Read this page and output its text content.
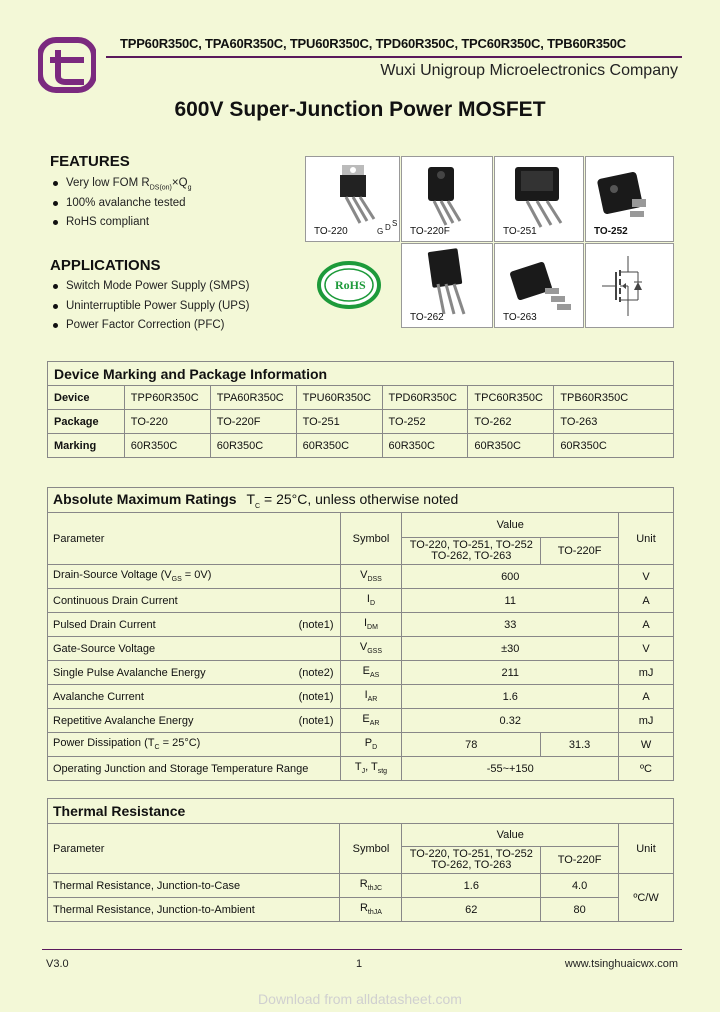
TPP60R350C, TPA60R350C, TPU60R350C, TPD60R350C, TPC60R350C, TPB60R350C
Wuxi Unigroup Microelectronics Company
600V Super-Junction Power MOSFET
FEATURES
Very low FOM $R_{DS(on)}\times Q_g$
100% avalanche tested
RoHS compliant
APPLICATIONS
Switch Mode Power Supply (SMPS)
Uninterruptible Power Supply (UPS)
Power Factor Correction (PFC)
TO-220	G D S
TO-220F	TO-251	TO-252
RoHS
TO-262	TO-263
Device Marking and Package Information						
Device	TPP60R350C	TPA60R350C	TPU60R350C	TPD60R350C	TPC60R350C	TPB60R350C
Package	TO-220	TO-220F	TO-251	TO-252	TO-262	TO-263
Marking	60R350C	60R350C	60R350C	60R350C	60R350C	60R350C
Absolute Maximum Ratings $T_C = 25^\circ C$, unless otherwise noted				
Parameter	Symbol	Value		Unit
		TO-220, TO-251, TO-252
TO-262, TO-263	TO-220F	
Drain-Source Voltage $(V_{GS} = 0V)$	$V_{DSS}$	600		V
Continuous Drain Current	$I_D$	11		A
Pulsed Drain Current (note1)	$I_{DM}$	33		A
Gate-Source Voltage	$V_{GSS}$	±30		V
Single Pulse Avalanche Energy (note2)	$E_{AS}$	211		mJ
Avalanche Current (note1)	$I_{AR}$	1.6		A
Repetitive Avalanche Energy (note1)	$E_{AR}$	0.32		mJ
Power Dissipation $(T_C = 25^\circ C)$	$P_D$	78	31.3	W
Operating Junction and Storage Temperature Range	$T_J$, $T_{stg}$	-55~+150		ºC
Thermal Resistance				
Parameter	Symbol	Value		Unit
		TO-220, TO-251, TO-252
TO-262, TO-263	TO-220F	
Thermal Resistance, Junction-to-Case	$R_{thJC}$	1.6	4.0	ºC/W
Thermal Resistance, Junction-to-Ambient	$R_{thJA}$	62	80	
V3.0	1	www.tsinghuaicwx.com
Download from alldatasheet.com
